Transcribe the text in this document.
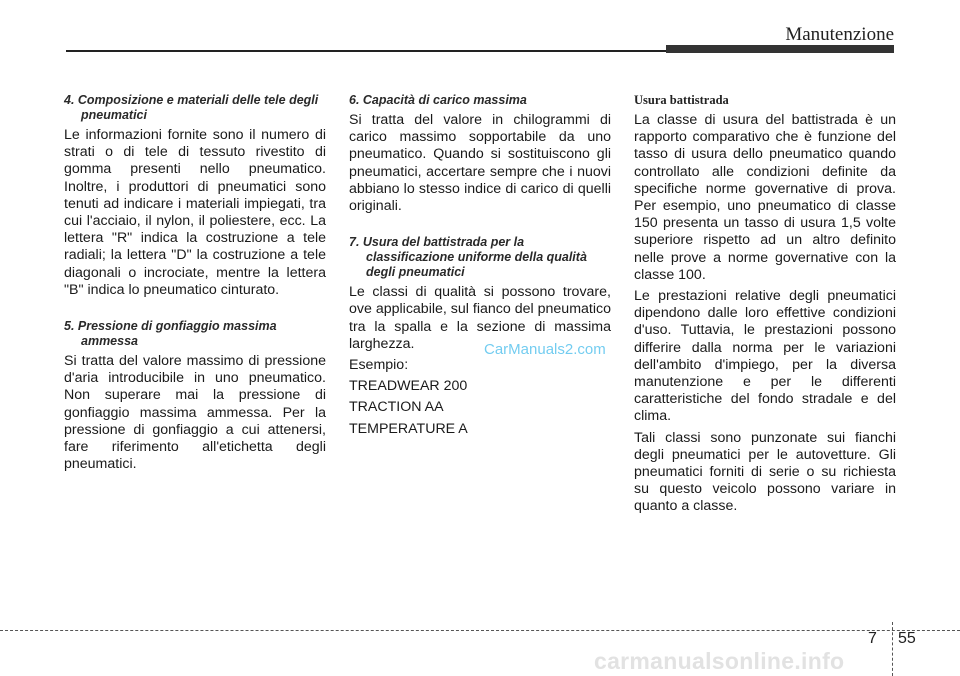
Manutenzione

4. Composizione e materiali delle tele degli pneumatici

Le informazioni fornite sono il numero di strati o di tele di tessuto rivestito di gomma presenti nello pneumatico. Inoltre, i produttori di pneumatici sono tenuti ad indicare i materiali impiegati, tra cui l'acciaio, il nylon, il poliestere, ecc. La lettera "R" indica la costruzione a tele radiali; la lettera "D" la costruzione a tele diagonali o incrociate, mentre la lettera "B" indica lo pneumatico cinturato.

5. Pressione di gonfiaggio massima ammessa

Si tratta del valore massimo di pressione d'aria introducibile in uno pneumatico. Non superare mai la pressione di gonfiaggio massima ammessa. Per la pressione di gonfiaggio a cui attenersi, fare riferimento all'etichetta degli pneumatici.

6. Capacità di carico massima

Si tratta del valore in chilogrammi di carico massimo sopportabile da uno pneumatico. Quando si sostituiscono gli pneumatici, accertare sempre che i nuovi abbiano lo stesso indice di carico di quelli originali.

7. Usura del battistrada per la classificazione uniforme della qualità degli pneumatici

Le classi di qualità si possono trovare, ove applicabile, sul fianco del pneumatico tra la spalla e la sezione di massima larghezza.

Esempio:

TREADWEAR 200

TRACTION AA

TEMPERATURE A

Usura battistrada

La classe di usura del battistrada è un rapporto comparativo che è funzione del tasso di usura dello pneumatico quando controllato alle condizioni definite da specifiche norme governative di prova. Per esempio, uno pneumatico di classe 150 presenta un tasso di usura 1,5 volte superiore rispetto ad un altro definito nelle prove a norme governative con la classe 100.

Le prestazioni relative degli pneumatici dipendono dalle loro effettive condizioni d'uso. Tuttavia, le prestazioni possono differire dalla norma per le variazioni dell'ambito d'impiego, per la diversa manutenzione e per le differenti caratteristiche del fondo stradale e del clima.

Tali classi sono punzonate sui fianchi degli pneumatici per le autovetture. Gli pneumatici forniti di serie o su richiesta su questo veicolo possono variare in quanto a classe.

CarManuals2.com
7 55
carmanualsonline.info
